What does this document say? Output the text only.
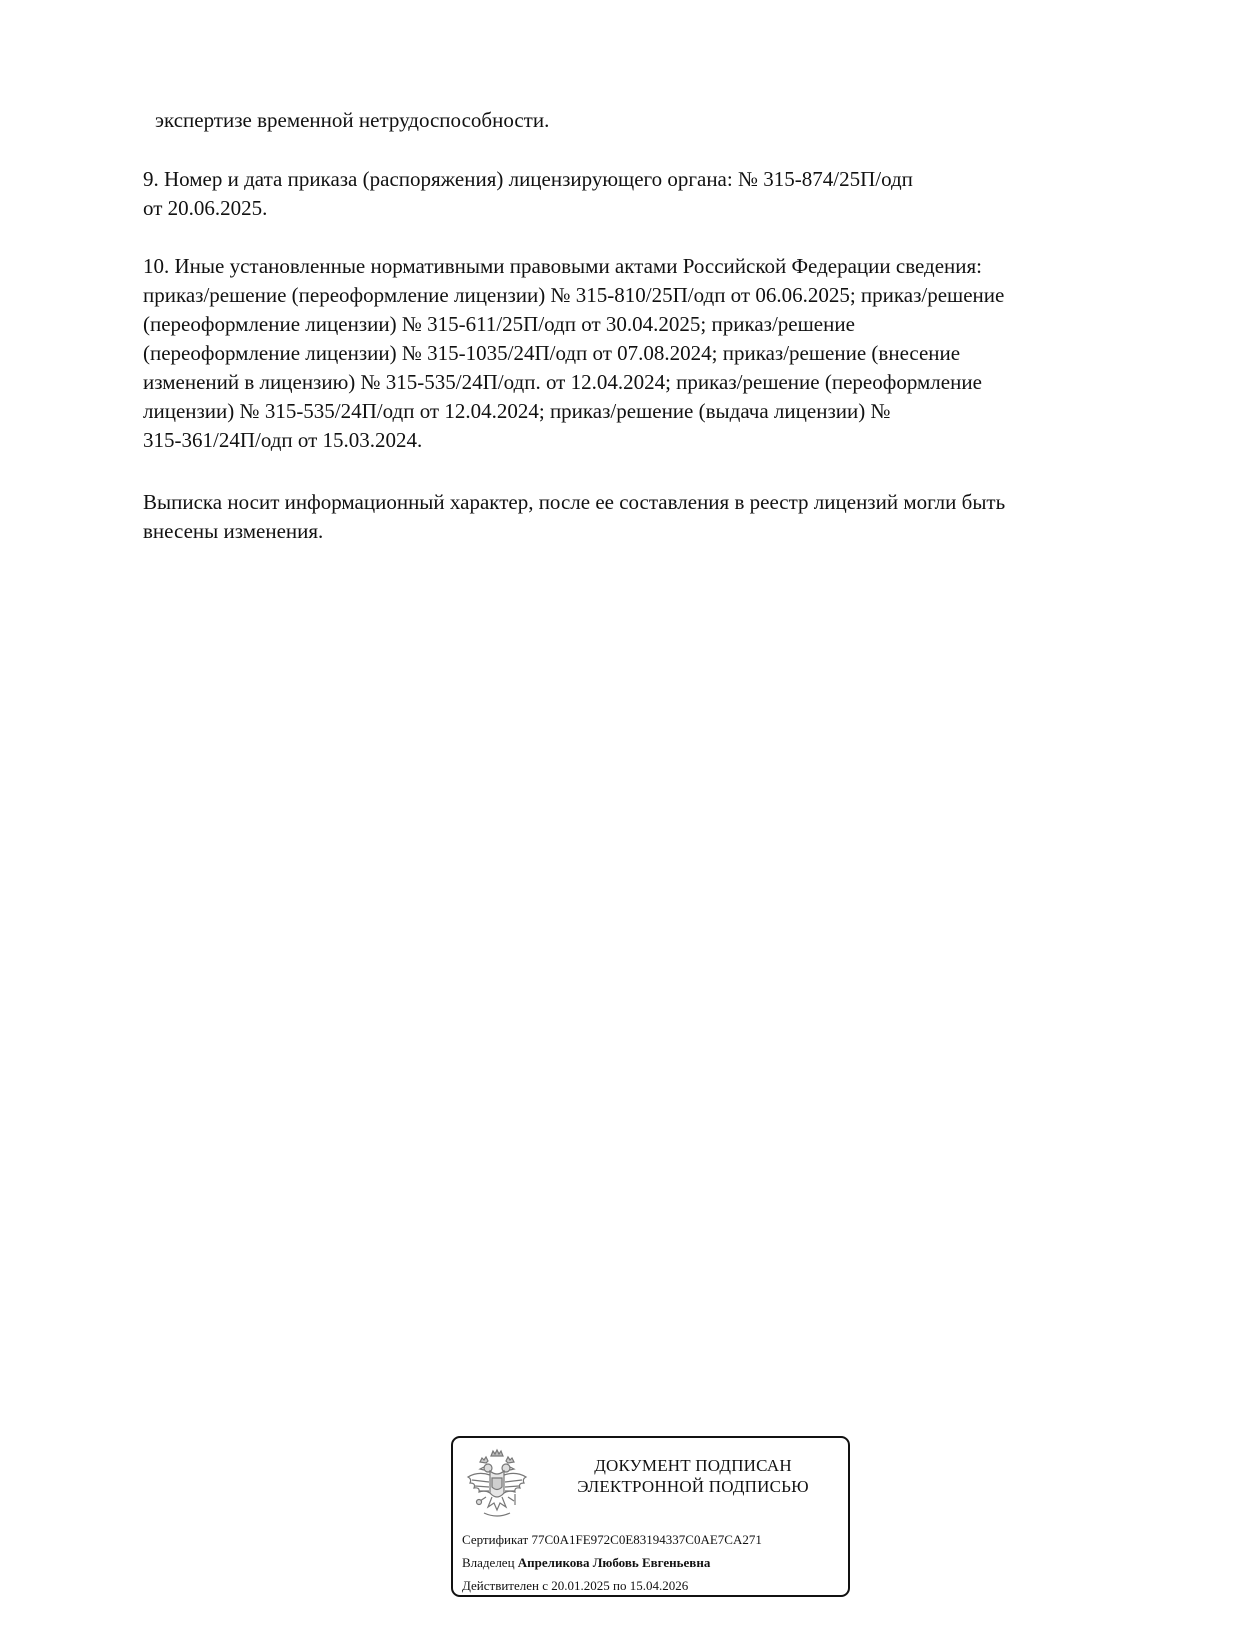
экспертизе временной нетрудоспособности.

9. Номер и дата приказа (распоряжения) лицензирующего органа: № 315-874/25П/одп
от 20.06.2025.

10. Иные установленные нормативными правовыми актами Российской Федерации сведения:
приказ/решение (переоформление лицензии) № 315-810/25П/одп от 06.06.2025; приказ/решение
(переоформление лицензии) № 315-611/25П/одп от 30.04.2025; приказ/решение
(переоформление лицензии) № 315-1035/24П/одп от 07.08.2024; приказ/решение (внесение
изменений в лицензию) № 315-535/24П/одп. от 12.04.2024; приказ/решение (переоформление
лицензии) № 315-535/24П/одп от 12.04.2024; приказ/решение (выдача лицензии) №
315-361/24П/одп от 15.03.2024.

Выписка носит информационный характер, после ее составления в реестр лицензий могли быть
внесены изменения.

ДОКУМЕНТ ПОДПИСАН
ЭЛЕКТРОННОЙ ПОДПИСЬЮ
Сертификат 77C0A1FE972C0E83194337C0AE7CA271
Владелец Апреликова Любовь Евгеньевна
Действителен с 20.01.2025 по 15.04.2026
